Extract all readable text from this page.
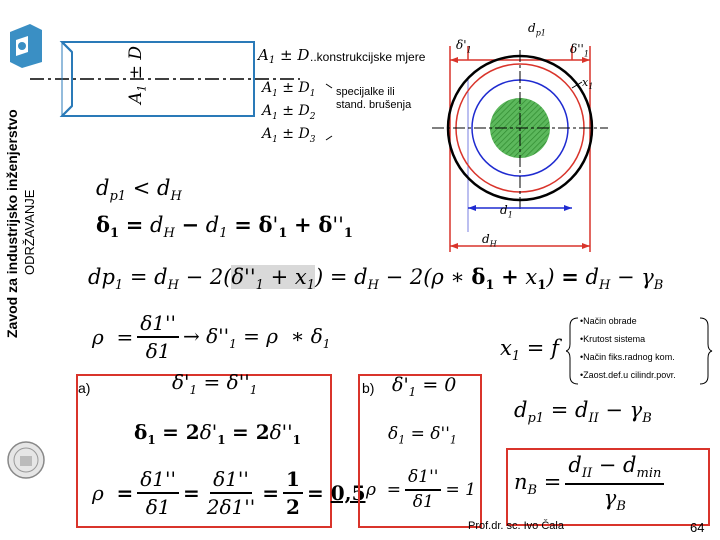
Zavod za industrijsko inženjerstvo ODRŽAVANJE
$A_1 \pm D$ ..konstrukcijske mjere
$A_1 \pm D$
$A_1 \pm D_1$
$A_1 \pm D_2$
$A_1 \pm D_3$
specijalke ili stand. brušenja
$d_{p1}$
$\delta'_1$	$\delta''_1$
$x_1$
$d_1$
$d_H$
$d_{p1} < d_H$
$\delta_1 = d_H - d_1 = \delta'_1 + \delta''_1$
$dp_1 = d_H - 2(\delta''_1 + x_1) = d_H - 2(\rho$ ∗ $\delta_1 + x_1) = d_H - \gamma_B$
$\rho = \frac{\delta 1''}{\delta 1} \to \delta''_1 = \rho$  ∗ $\delta_1$	$x_1 = f$
•Način obrade
•Krutost sistema
•Način fiks.radnog kom.
•Zaost.def.u cilindr.povr.
a)	$\delta'_1 = \delta''_1$
$\delta_1 = 2\delta'_1 = 2\delta''_1$
$\rho = \frac{\delta 1''}{\delta 1} = \frac{\delta 1''}{2\delta 1''} = \frac{1}{2} = 0,5$
b) $\delta'_1 = 0$
$\delta_1 = \delta''_1$
$\rho = \frac{\delta 1''}{\delta 1} = 1$
$d_{p1} = d_{II} - \gamma_B$
$n_B = \frac{d_{II} - d_{min}}{\gamma_B}$
Prof.dr. sc. Ivo Čala	64
